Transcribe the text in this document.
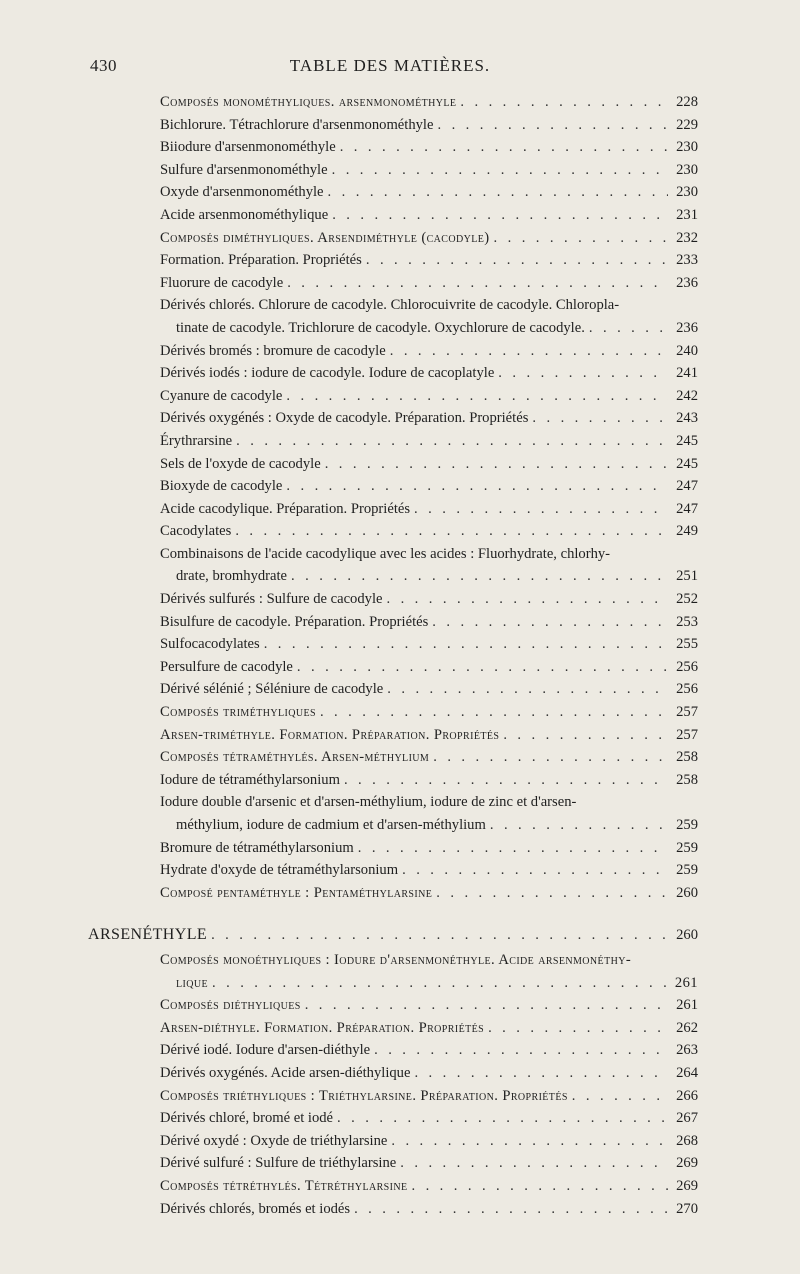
430	TABLE DES MATIÈRES.
Composés monométhyliques. arsenmonométhyle . . .	228
Bichlorure. Tétrachlorure d'arsenmonométhyle . . .	229
Biiodure d'arsenmonométhyle . . .	230
Sulfure d'arsenmonométhyle . . .	230
Oxyde d'arsenmonométhyle . . .	230
Acide arsenmonométhylique . . .	231
Composés diméthyliques. Arsendiméthyle (cacodyle) . . .	232
Formation. Préparation. Propriétés . . .	233
Fluorure de cacodyle . . .	236
Dérivés chlorés. Chlorure de cacodyle. Chlorocuivrite de cacodyle. Chloropla-
tinate de cacodyle. Trichlorure de cacodyle. Oxychlorure de cacodyle. . . .	236
Dérivés bromés : bromure de cacodyle . . .	240
Dérivés iodés : iodure de cacodyle. Iodure de cacoplatyle . . .	241
Cyanure de cacodyle . . .	242
Dérivés oxygénés : Oxyde de cacodyle. Préparation. Propriétés . . .	243
Érythrarsine . . .	245
Sels de l'oxyde de cacodyle . . .	245
Bioxyde de cacodyle . . .	247
Acide cacodylique. Préparation. Propriétés . . .	247
Cacodylates . . .	249
Combinaisons de l'acide cacodylique avec les acides : Fluorhydrate, chlorhy-
drate, bromhydrate . . .	251
Dérivés sulfurés : Sulfure de cacodyle . . .	252
Bisulfure de cacodyle. Préparation. Propriétés . . .	253
Sulfocacodylates . . .	255
Persulfure de cacodyle . . .	256
Dérivé sélénié ; Séléniure de cacodyle . . .	256
Composés triméthyliques . . .	257
Arsen-triméthyle. Formation. Préparation. Propriétés . . .	257
Composés tétraméthylés. Arsen-méthylium . . .	258
Iodure de tétraméthylarsonium . . .	258
Iodure double d'arsenic et d'arsen-méthylium, iodure de zinc et d'arsen-
méthylium, iodure de cadmium et d'arsen-méthylium . . .	259
Bromure de tétraméthylarsonium . . .	259
Hydrate d'oxyde de tétraméthylarsonium . . .	259
Composé pentaméthyle : Pentaméthylarsine . . .	260
ARSENÉTHYLE . . .	260
Composés monoéthyliques : Iodure d'arsenmonéthyle. Acide arsenmonéthy-
lique . . .	261
Composés diéthyliques . . .	261
Arsen-diéthyle. Formation. Préparation. Propriétés . . .	262
Dérivé iodé. Iodure d'arsen-diéthyle . . .	263
Dérivés oxygénés. Acide arsen-diéthylique . . .	264
Composés triéthyliques : Triéthylarsine. Préparation. Propriétés . . .	266
Dérivés chloré, bromé et iodé . . .	267
Dérivé oxydé : Oxyde de triéthylarsine . . .	268
Dérivé sulfuré : Sulfure de triéthylarsine . . .	269
Composés tétréthylés. Tétréthylarsine . . .	269
Dérivés chlorés, bromés et iodés . . .	270
